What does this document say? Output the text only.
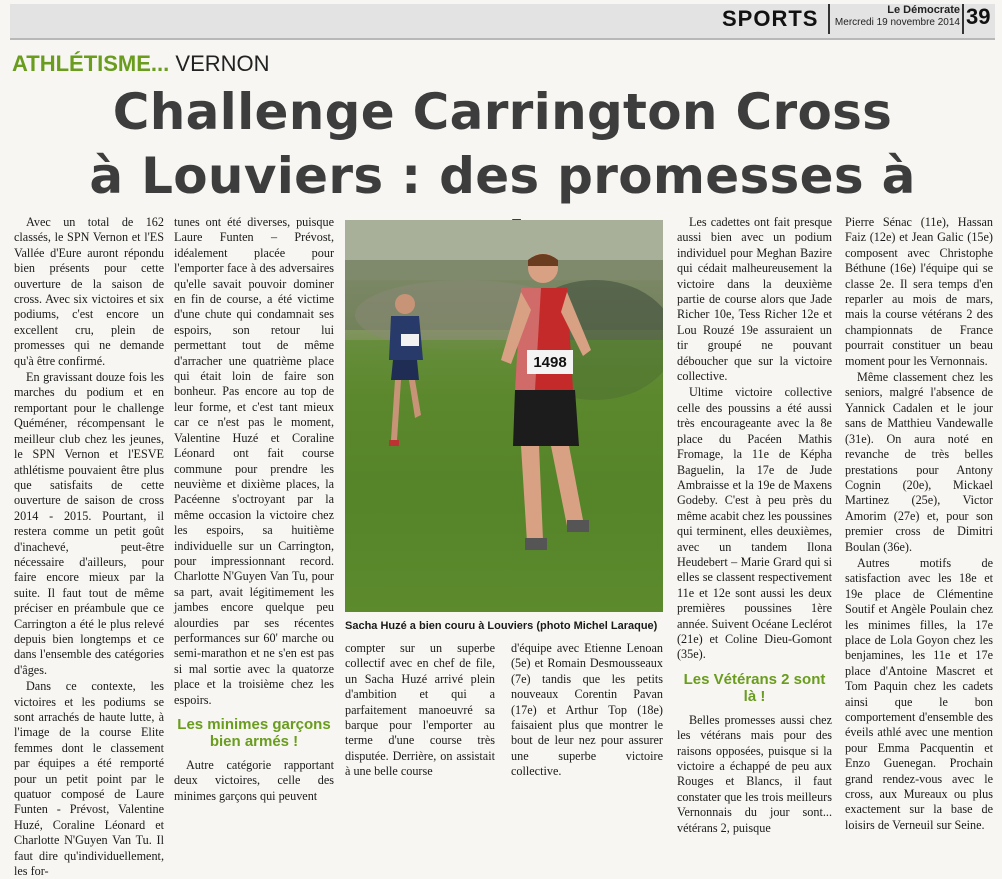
SPORTS	Le Démocrate
Mercredi 19 novembre 2014 39
ATHLÉTISME... VERNON
Challenge Carrington Cross
à Louviers : des promesses à

Avec un total de 162 classés, le SPN Vernon et l'ES Vallée d'Eure auront répondu bien présents pour cette ouverture de la saison de cross. Avec six victoires et six podiums, c'est encore un excellent cru, plein de promesses qui ne demande qu'à être confirmé.

En gravissant douze fois les marches du podium et en remportant pour le challenge Quéméner, récompensant le meilleur club chez les jeunes, le SPN Vernon et l'ESVE athlétisme pouvaient être plus que satisfaits de cette ouverture de saison de cross 2014 - 2015. Pourtant, il restera comme un petit goût d'inachevé, peut-être nécessaire d'ailleurs, pour faire encore mieux par la suite. Il faut tout de même préciser en préambule que ce Carrington a été le plus relevé depuis bien longtemps et ce dans l'ensemble des catégories d'âges.

Dans ce contexte, les victoires et les podiums se sont arrachés de haute lutte, à l'image de la course Elite femmes dont le classement par équipes a été remporté pour un petit point par le quatuor composé de Laure Funten - Prévost, Valentine Huzé, Coraline Léonard et Charlotte N'Guyen Van Tu. Il faut dire qu'individuellement, les for-

tunes ont été diverses, puisque Laure Funten – Prévost, idéalement placée pour l'emporter face à des adversaires qu'elle savait pouvoir dominer en fin de course, a été victime d'une chute qui condamnait ses espoirs, son retour lui permettant tout de même d'arracher une quatrième place qui était loin de faire son bonheur. Pas encore au top de leur forme, et c'est tant mieux car ce n'est pas le moment, Valentine Huzé et Coraline Léonard ont fait course commune pour prendre les neuvième et dixième places, la Pacéenne s'octroyant par la même occasion la victoire chez les espoirs, sa huitième individuelle sur un Carrington, pour impressionnant record. Charlotte N'Guyen Van Tu, pour sa part, avait légitimement les jambes encore quelque peu alourdies par ses récentes performances sur 60' marche ou semi-marathon et ne s'en est pas si mal sortie avec la quatorze place et la troisième chez les espoirs.

Les minimes garçons bien armés !

Autre catégorie rapportant deux victoires, celle des minimes garçons qui peuvent

1498
Sacha Huzé a bien couru à Louviers (photo Michel Laraque)

compter sur un superbe collectif avec en chef de file, un Sacha Huzé arrivé plein d'ambition et qui a parfaitement manoeuvré sa barque pour l'emporter au terme d'une course très disputée. Derrière, on assistait à une belle course

d'équipe avec Etienne Lenoan (5e) et Romain Desmousseaux (7e) tandis que les petits nouveaux Corentin Pavan (17e) et Arthur Top (18e) faisaient plus que montrer le bout de leur nez pour assurer une superbe victoire collective.

Les cadettes ont fait presque aussi bien avec un podium individuel pour Meghan Bazire qui cédait malheureusement la victoire dans la deuxième partie de course alors que Jade Richer 10e, Tess Richer 12e et Lou Rouzé 19e assuraient un tir groupé ne pouvant déboucher que sur la victoire collective.

Ultime victoire collective celle des poussins a été aussi très encourageante avec la 8e place du Pacéen Mathis Fromage, la 11e de Képha Baguelin, la 17e de Jude Ambraisse et la 19e de Maxens Godeby. C'est à peu près du même acabit chez les poussines qui terminent, elles deuxièmes, avec un tandem Ilona Heudebert – Marie Grard qui si elles se classent respectivement 11e et 12e sont aussi les deux premières poussines 1ère année. Suivent Océane Leclérot (21e) et Coline Dieu-Gomont (35e).

Les Vétérans 2 sont là !

Belles promesses aussi chez les vétérans mais pour des raisons opposées, puisque si la victoire a échappé de peu aux Rouges et Blancs, il faut constater que les trois meilleurs Vernonnais du jour sont... vétérans 2, puisque

Pierre Sénac (11e), Hassan Faiz (12e) et Jean Galic (15e) composent avec Christophe Béthune (16e) l'équipe qui se classe 2e. Il sera temps d'en reparler au mois de mars, mais la course vétérans 2 des championnats de France pourrait constituer un beau moment pour les Vernonnais.

Même classement chez les seniors, malgré l'absence de Yannick Cadalen et le jour sans de Matthieu Vandewalle (31e). On aura noté en revanche de très belles prestations pour Antony Cognin (20e), Mickael Martinez (25e), Victor Amorim (27e) et, pour son premier cross de Dimitri Boulan (36e).

Autres motifs de satisfaction avec les 18e et 19e place de Clémentine Soutif et Angèle Poulain chez les minimes filles, la 17e place de Lola Goyon chez les benjamines, les 11e et 17e place d'Antoine Mascret et Tom Paquin chez les cadets ainsi que le bon comportement d'ensemble des éveils athlé avec une mention pour Emma Pacquentin et Enzo Guenegan. Prochain grand rendez-vous avec le cross, aux Mureaux ou plus exactement sur la base de loisirs de Verneuil sur Seine.
